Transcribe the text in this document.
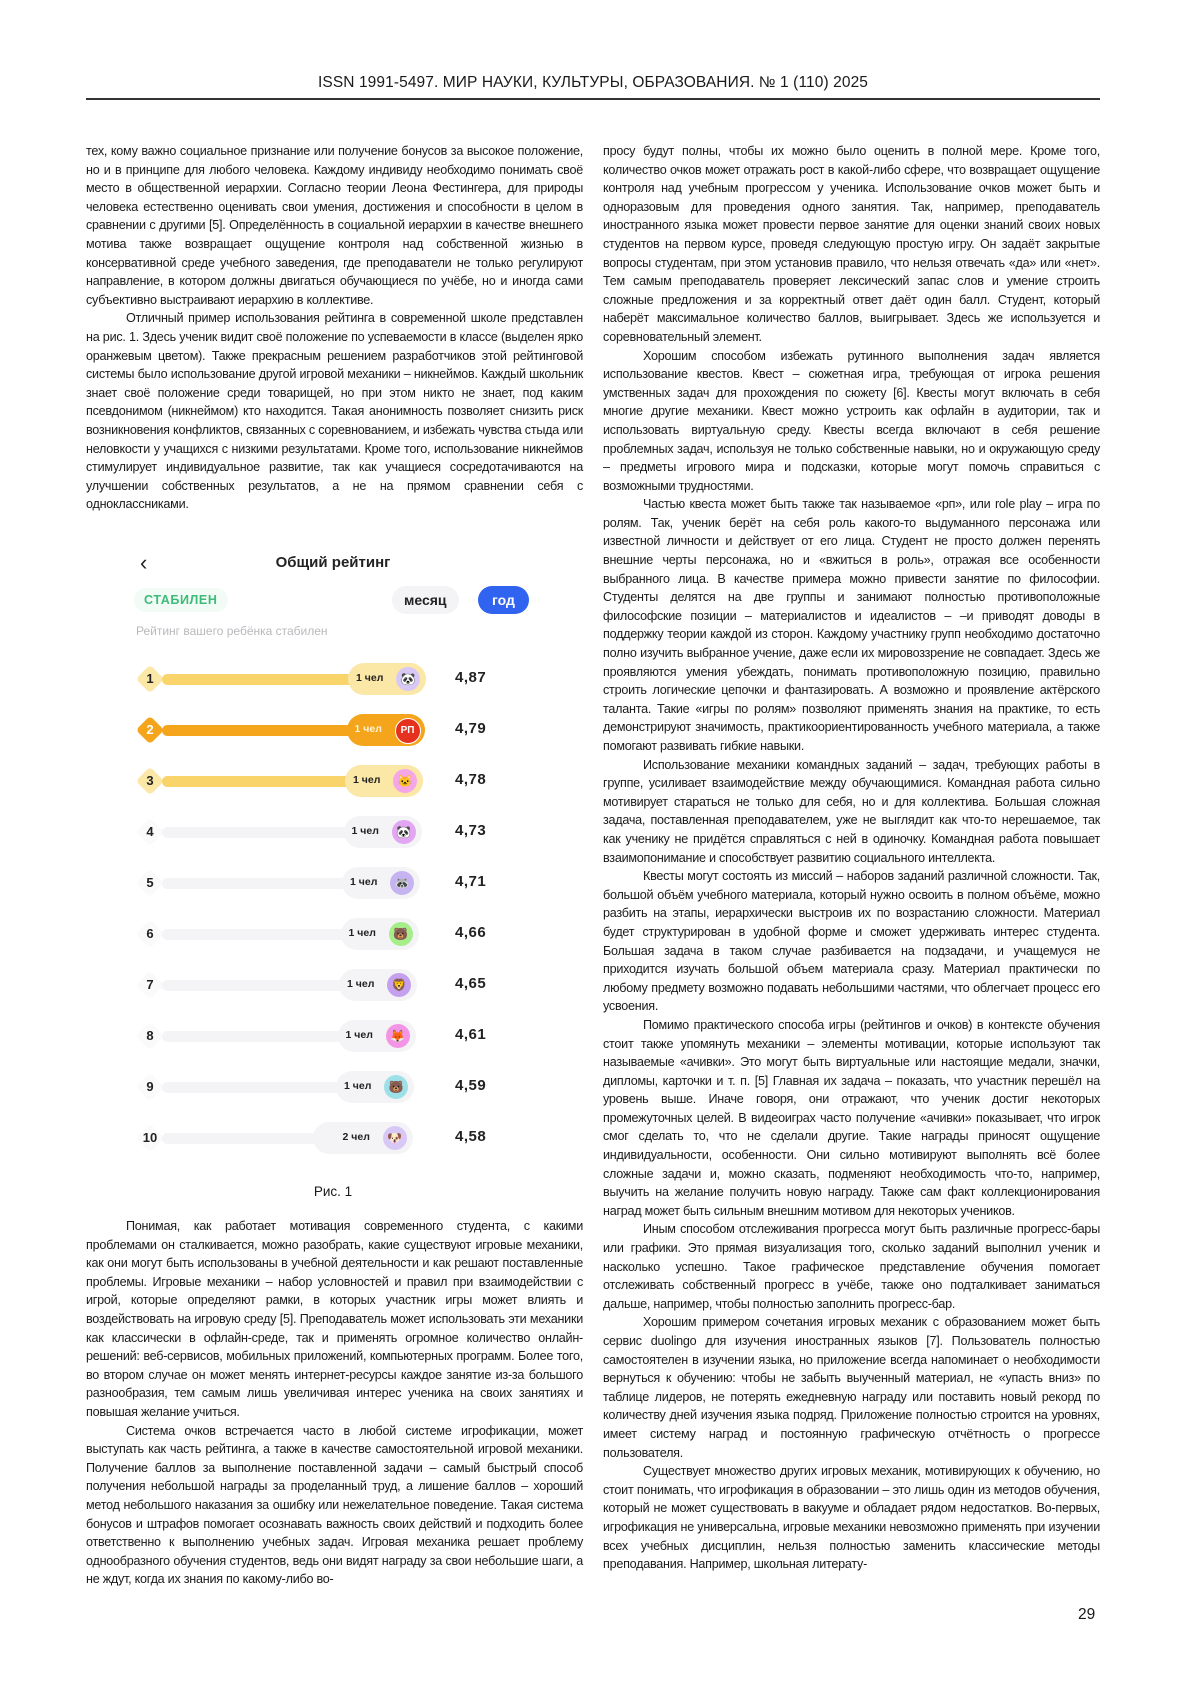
ISSN 1991-5497. МИР НАУКИ, КУЛЬТУРЫ, ОБРАЗОВАНИЯ. № 1 (110) 2025

тех, кому важно социальное признание или получение бонусов за высокое положение, но и в принципе для любого человека. Каждому индивиду необходимо понимать своё место в общественной иерархии. Согласно теории Леона Фестингера, для природы человека естественно оценивать свои умения, достижения и способности в целом в сравнении с другими [5]. Определённость в социальной иерархии в качестве внешнего мотива также возвращает ощущение контроля над собственной жизнью в консервативной среде учебного заведения, где преподаватели не только регулируют направление, в котором должны двигаться обучающиеся по учёбе, но и иногда сами субъективно выстраивают иерархию в коллективе.

Отличный пример использования рейтинга в современной школе представлен на рис. 1. Здесь ученик видит своё положение по успеваемости в классе (выделен ярко оранжевым цветом). Также прекрасным решением разработчиков этой рейтинговой системы было использование другой игровой механики – никнеймов. Каждый школьник знает своё положение среди товарищей, но при этом никто не знает, под каким псевдонимом (никнеймом) кто находится. Такая анонимность позволяет снизить риск возникновения конфликтов, связанных с соревнованием, и избежать чувства стыда или неловкости у учащихся с низкими результатами. Кроме того, использование никнеймов стимулирует индивидуальное развитие, так как учащиеся сосредотачиваются на улучшении собственных результатов, а не на прямом сравнении себя с одноклассниками.

‹	Общий рейтинг
СТАБИЛЕН	месяц	год
Рейтинг вашего ребёнка стабилен
1	1 чел	🐼	4,87
2	1 чел	РП	4,79
3	1 чел	🐱	4,78
4	1 чел	🐼	4,73
5	1 чел	🦝	4,71
6	1 чел	🐻	4,66
7	1 чел	🦁	4,65
8	1 чел	🦊	4,61
9	1 чел	🐻	4,59
10	2 чел	🐶	4,58
Рис. 1

Понимая, как работает мотивация современного студента, с какими проблемами он сталкивается, можно разобрать, какие существуют игровые механики, как они могут быть использованы в учебной деятельности и как решают поставленные проблемы. Игровые механики – набор условностей и правил при взаимодействии с игрой, которые определяют рамки, в которых участник игры может влиять и воздействовать на игровую среду [5]. Преподаватель может использовать эти механики как классически в офлайн-среде, так и применять огромное количество онлайн-решений: веб-сервисов, мобильных приложений, компьютерных программ. Более того, во втором случае он может менять интернет-ресурсы каждое занятие из-за большого разнообразия, тем самым лишь увеличивая интерес ученика на своих занятиях и повышая желание учиться.

Система очков встречается часто в любой системе игрофикации, может выступать как часть рейтинга, а также в качестве самостоятельной игровой механики. Получение баллов за выполнение поставленной задачи – самый быстрый способ получения небольшой награды за проделанный труд, а лишение баллов – хороший метод небольшого наказания за ошибку или нежелательное поведение. Такая система бонусов и штрафов помогает осознавать важность своих действий и подходить более ответственно к выполнению учебных задач. Игровая механика решает проблему однообразного обучения студентов, ведь они видят награду за свои небольшие шаги, а не ждут, когда их знания по какому-либо во-

просу будут полны, чтобы их можно было оценить в полной мере. Кроме того, количество очков может отражать рост в какой-либо сфере, что возвращает ощущение контроля над учебным прогрессом у ученика. Использование очков может быть и одноразовым для проведения одного занятия. Так, например, преподаватель иностранного языка может провести первое занятие для оценки знаний своих новых студентов на первом курсе, проведя следующую простую игру. Он задаёт закрытые вопросы студентам, при этом установив правило, что нельзя отвечать «да» или «нет». Тем самым преподаватель проверяет лексический запас слов и умение строить сложные предложения и за корректный ответ даёт один балл. Студент, который наберёт максимальное количество баллов, выигрывает. Здесь же используется и соревновательный элемент.

Хорошим способом избежать рутинного выполнения задач является использование квестов. Квест – сюжетная игра, требующая от игрока решения умственных задач для прохождения по сюжету [6]. Квесты могут включать в себя многие другие механики. Квест можно устроить как офлайн в аудитории, так и использовать виртуальную среду. Квесты всегда включают в себя решение проблемных задач, используя не только собственные навыки, но и окружающую среду – предметы игрового мира и подсказки, которые могут помочь справиться с возможными трудностями.

Частью квеста может быть также так называемое «рп», или role play – игра по ролям. Так, ученик берёт на себя роль какого-то выдуманного персонажа или известной личности и действует от его лица. Студент не просто должен перенять внешние черты персонажа, но и «вжиться в роль», отражая все особенности выбранного лица. В качестве примера можно привести занятие по философии. Студенты делятся на две группы и занимают полностью противоположные философские позиции – материалистов и идеалистов – –и приводят доводы в поддержку теории каждой из сторон. Каждому участнику групп необходимо достаточно полно изучить выбранное учение, даже если их мировоззрение не совпадает. Здесь же проявляются умения убеждать, понимать противоположную позицию, правильно строить логические цепочки и фантазировать. А возможно и проявление актёрского таланта. Такие «игры по ролям» позволяют применять знания на практике, то есть демонстрируют значимость, практикоориентированность учебного материала, а также помогают развивать гибкие навыки.

Использование механики командных заданий – задач, требующих работы в группе, усиливает взаимодействие между обучающимися. Командная работа сильно мотивирует стараться не только для себя, но и для коллектива. Большая сложная задача, поставленная преподавателем, уже не выглядит как что-то нерешаемое, так как ученику не придётся справляться с ней в одиночку. Командная работа повышает взаимопонимание и способствует развитию социального интеллекта.

Квесты могут состоять из миссий – наборов заданий различной сложности. Так, большой объём учебного материала, который нужно освоить в полном объёме, можно разбить на этапы, иерархически выстроив их по возрастанию сложности. Материал будет структурирован в удобной форме и сможет удерживать интерес студента. Большая задача в таком случае разбивается на подзадачи, и учащемуся не приходится изучать большой объем материала сразу. Материал практически по любому предмету возможно подавать небольшими частями, что облегчает процесс его усвоения.

Помимо практического способа игры (рейтингов и очков) в контексте обучения стоит также упомянуть механики – элементы мотивации, которые используют так называемые «ачивки». Это могут быть виртуальные или настоящие медали, значки, дипломы, карточки и т. п. [5] Главная их задача – показать, что участник перешёл на уровень выше. Иначе говоря, они отражают, что ученик достиг некоторых промежуточных целей. В видеоиграх часто получение «ачивки» показывает, что игрок смог сделать то, что не сделали другие. Такие награды приносят ощущение индивидуальности, особенности. Они сильно мотивируют выполнять всё более сложные задачи и, можно сказать, подменяют необходимость что-то, например, выучить на желание получить новую награду. Также сам факт коллекционирования наград может быть сильным внешним мотивом для некоторых учеников.

Иным способом отслеживания прогресса могут быть различные прогресс-бары или графики. Это прямая визуализация того, сколько заданий выполнил ученик и насколько успешно. Такое графическое представление обучения помогает отслеживать собственный прогресс в учёбе, также оно подталкивает заниматься дальше, например, чтобы полностью заполнить прогресс-бар.

Хорошим примером сочетания игровых механик с образованием может быть сервис duolingo для изучения иностранных языков [7]. Пользователь полностью самостоятелен в изучении языка, но приложение всегда напоминает о необходимости вернуться к обучению: чтобы не забыть выученный материал, не «упасть вниз» по таблице лидеров, не потерять ежедневную награду или поставить новый рекорд по количеству дней изучения языка подряд. Приложение полностью строится на уровнях, имеет систему наград и постоянную графическую отчётность о прогрессе пользователя.

Существует множество других игровых механик, мотивирующих к обучению, но стоит понимать, что игрофикация в образовании – это лишь один из методов обучения, который не может существовать в вакууме и обладает рядом недостатков. Во-первых, игрофикация не универсальна, игровые механики невозможно применять при изучении всех учебных дисциплин, нельзя полностью заменить классические методы преподавания. Например, школьная литерату-

29
